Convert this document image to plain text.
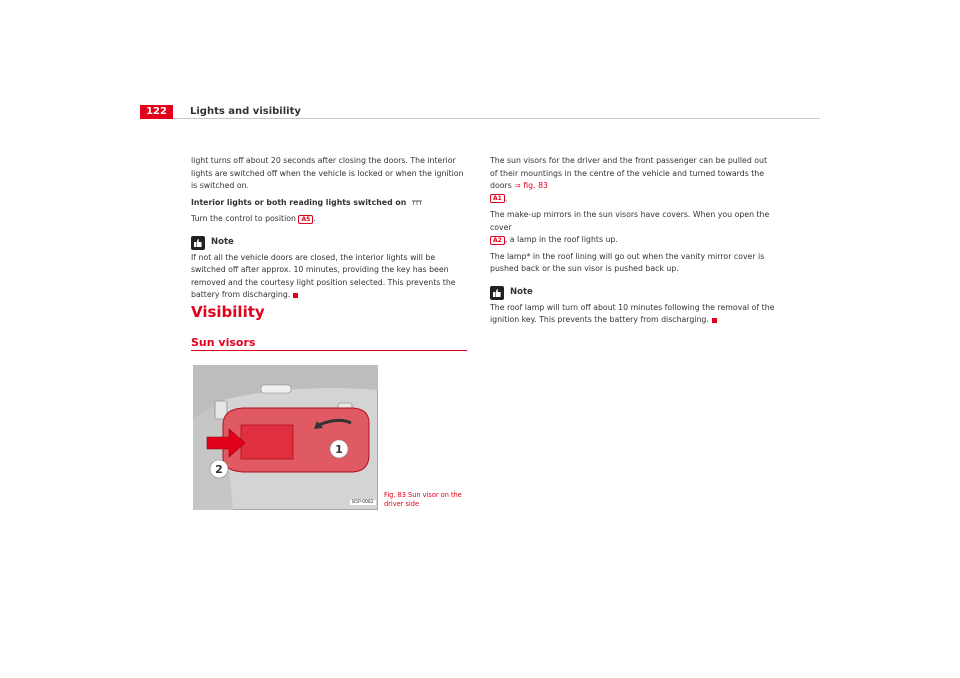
122	Lights and visibility

light turns off about 20 seconds after closing the doors. The interior lights are switched off when the vehicle is locked or when the ignition is switched on.

Interior lights or both reading lights switched on

Turn the control to position A5 .

Note

If not all the vehicle doors are closed, the interior lights will be switched off after approx. 10 minutes, providing the key has been removed and the courtesy light position selected. This prevents the battery from discharging.

Visibility
Sun visors
1
2
B5P-0082
Fig. 83 Sun visor on the driver side

The sun visors for the driver and the front passenger can be pulled out of their mountings in the centre of the vehicle and turned towards the doors ⇒ fig. 83
A1 .

The make-up mirrors in the sun visors have covers. When you open the cover
A2 , a lamp in the roof lights up.

The lamp* in the roof lining will go out when the vanity mirror cover is pushed back or the sun visor is pushed back up.

Note

The roof lamp will turn off about 10 minutes following the removal of the ignition key. This prevents the battery from discharging.
